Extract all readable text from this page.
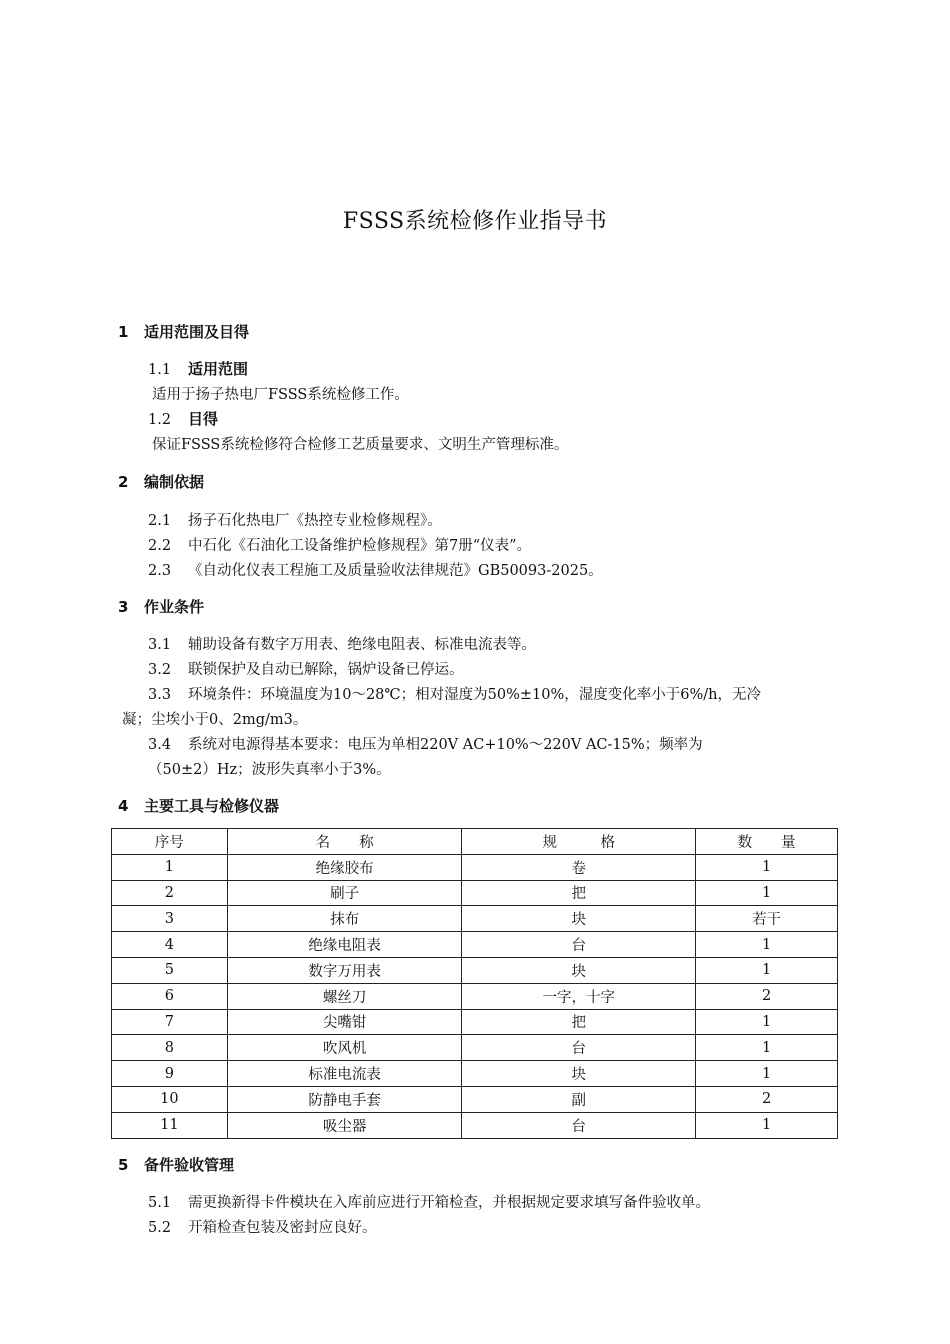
FSSS系统检修作业指导书
1 适用范围及目得
1.1 适用范围
适用于扬子热电厂FSSS系统检修工作。
1.2 目得
保证FSSS系统检修符合检修工艺质量要求、文明生产管理标准。
2 编制依据
2.1 扬子石化热电厂《热控专业检修规程》。
2.2 中石化《石油化工设备维护检修规程》第7册“仪表”。
2.3 《自动化仪表工程施工及质量验收法律规范》GB50093-2025。
3 作业条件
3.1 辅助设备有数字万用表、绝缘电阻表、标准电流表等。
3.2 联锁保护及自动已解除，锅炉设备已停运。
3.3 环境条件：环境温度为10～28℃；相对湿度为50%±10%，湿度变化率小于6%/h，无冷
凝；尘埃小于0、2mg/m3。
3.4 系统对电源得基本要求：电压为单相220V AC+10%～220V AC-15%；频率为
（50±2）Hz；波形失真率小于3%。
4 主要工具与检修仪器
序号	名　　称	规　　　格	数　　量
1	绝缘胶布	卷	1
2	刷子	把	1
3	抹布	块	若干
4	绝缘电阻表	台	1
5	数字万用表	块	1
6	螺丝刀	一字，十字	2
7	尖嘴钳	把	1
8	吹风机	台	1
9	标准电流表	块	1
10	防静电手套	副	2
11	吸尘器	台	1
5 备件验收管理
5.1 需更换新得卡件模块在入库前应进行开箱检查，并根据规定要求填写备件验收单。
5.2 开箱检查包装及密封应良好。
